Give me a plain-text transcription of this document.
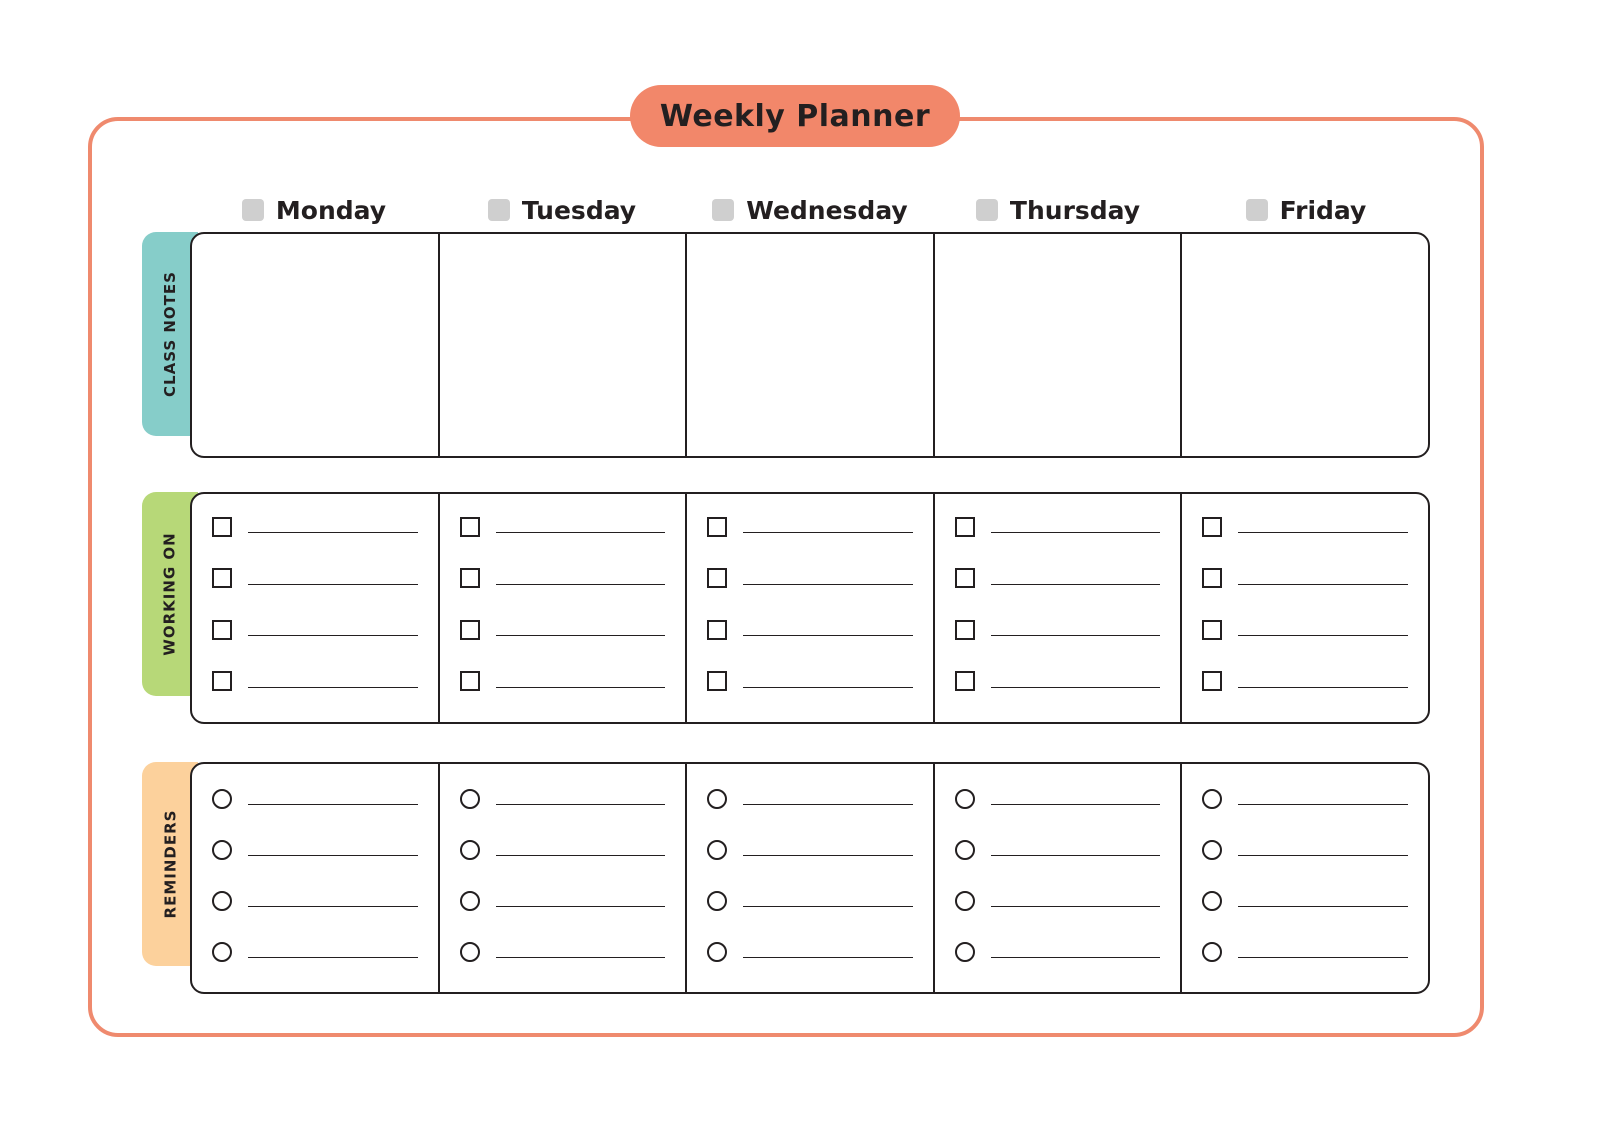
Weekly Planner
Monday	Tuesday	Wednesday	Thursday	Friday
CLASS NOTES
WORKING ON
REMINDERS
